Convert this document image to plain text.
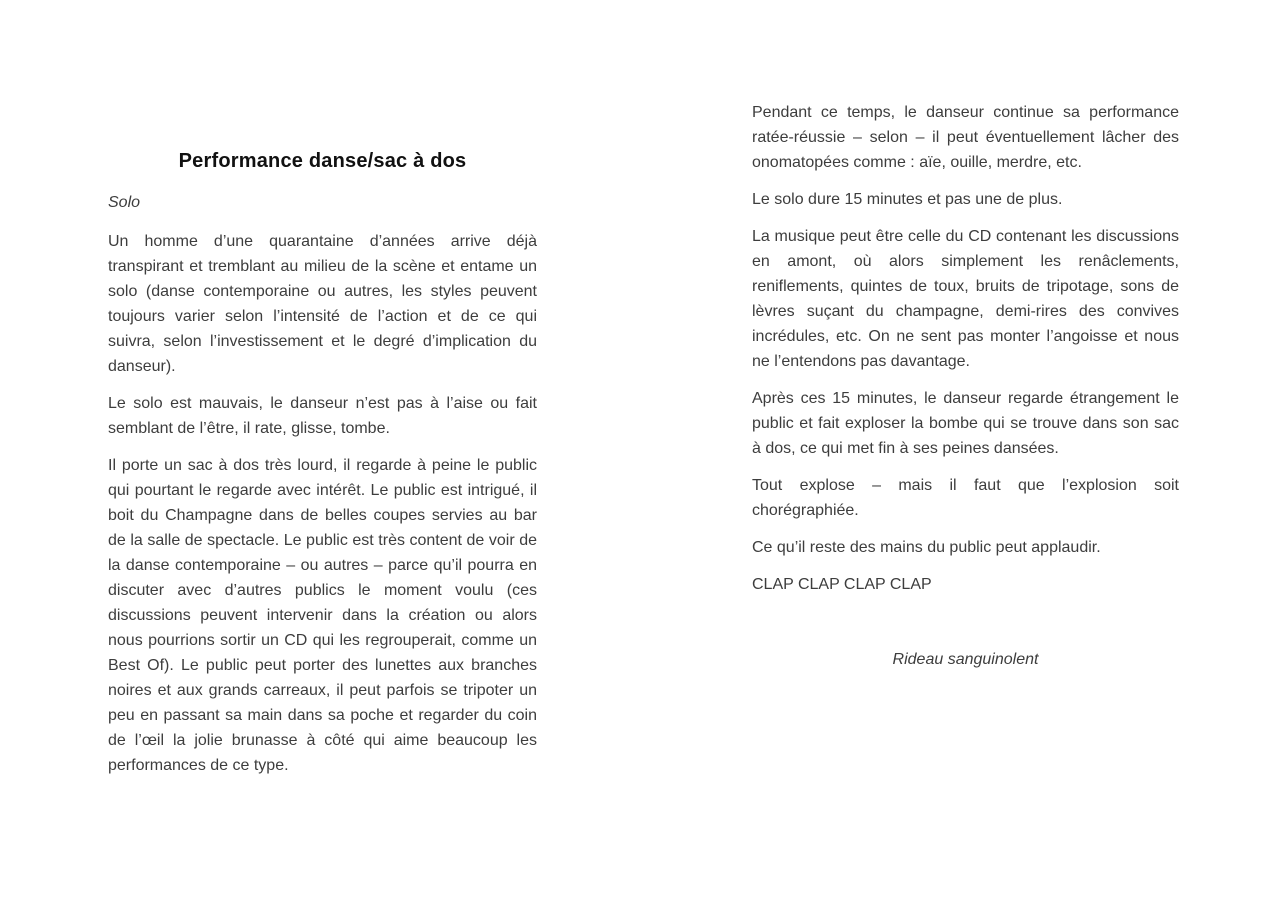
Performance danse/sac à dos

Solo

Un homme d’une quarantaine d’années arrive déjà transpirant et tremblant au milieu de la scène et entame un solo (danse contemporaine ou autres, les styles peuvent toujours varier selon l’intensité de l’action et de ce qui suivra, selon l’investissement et le degré d’implication du danseur).

Le solo est mauvais, le danseur n’est pas à l’aise ou fait semblant de l’être, il rate, glisse, tombe.

Il porte un sac à dos très lourd, il regarde à peine le public qui pourtant le regarde avec intérêt. Le public est intrigué, il boit du Champagne dans de belles coupes servies au bar de la salle de spectacle. Le public est très content de voir de la danse contemporaine – ou autres – parce qu’il pourra en discuter avec d’autres publics le moment voulu (ces discussions peuvent intervenir dans la création ou alors nous pourrions sortir un CD qui les regrouperait, comme un Best Of). Le public peut porter des lunettes aux branches noires et aux grands carreaux, il peut parfois se tripoter un peu en passant sa main dans sa poche et regarder du coin de l’œil la jolie brunasse à côté qui aime beaucoup les performances de ce type.

Pendant ce temps, le danseur continue sa performance ratée-réussie – selon – il peut éventuellement lâcher des onomatopées comme : aïe, ouille, merdre, etc.

Le solo dure 15 minutes et pas une de plus.

La musique peut être celle du CD contenant les discussions en amont, où alors simplement les renâclements, reniflements, quintes de toux, bruits de tripotage, sons de lèvres suçant du champagne, demi-rires des convives incrédules, etc. On ne sent pas monter l’angoisse et nous ne l’entendons pas davantage.

Après ces 15 minutes, le danseur regarde étrangement le public et fait exploser la bombe qui se trouve dans son sac à dos, ce qui met fin à ses peines dansées.

Tout explose – mais il faut que l’explosion soit chorégraphiée.

Ce qu’il reste des mains du public peut applaudir.

CLAP CLAP CLAP CLAP

Rideau sanguinolent
